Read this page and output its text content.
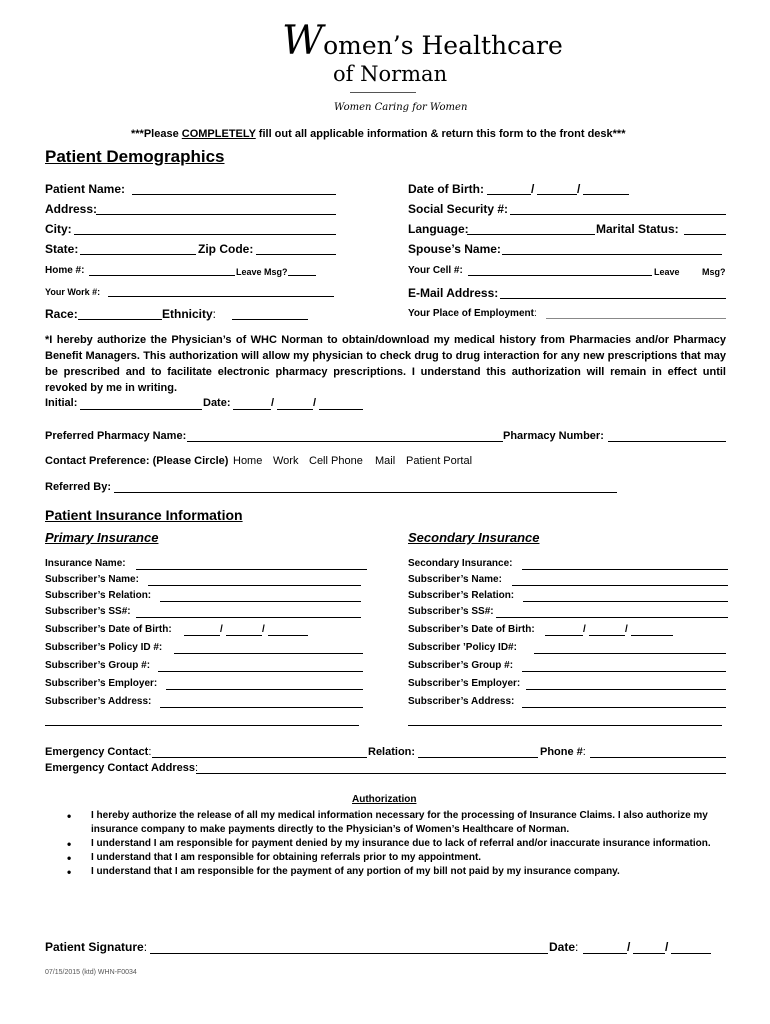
Women’s Healthcare
of Norman
Women Caring for Women
***Please COMPLETELY fill out all applicable information & return this form to the front desk***
Patient Demographics
Patient Name:
Address:
City:
State:	Zip Code:
Home #:	Leave Msg?
Your Work #:
Race:	Ethnicity:
Date of Birth:	/	/
Social Security #:
Language:	Marital Status:
Spouse’s Name:
Your Cell #:	Leave Msg?
E-Mail Address:
Your Place of Employment:
*I hereby authorize the Physician’s of WHC Norman to obtain/download my medical history from Pharmacies and/or Pharmacy Benefit Managers. This authorization will allow my physician to check drug to drug interaction for any new prescriptions that may be prescribed and to facilitate electronic pharmacy prescriptions. I understand this authorization will remain in effect until revoked by me in writing.
Initial:	Date:	/	/
Preferred Pharmacy Name:	Pharmacy Number:
Contact Preference: (Please Circle) Home Work Cell Phone Mail Patient Portal
Referred By:
Patient Insurance Information
Primary Insurance	Secondary Insurance
Insurance Name:
Subscriber’s Name:
Subscriber’s Relation:
Subscriber’s SS#:
Subscriber’s Date of Birth:	/	/
Subscriber’s Policy ID #:
Subscriber’s Group #:
Subscriber’s Employer:
Subscriber’s Address:
Secondary Insurance:
Subscriber’s Name:
Subscriber’s Relation:
Subscriber’s SS#:
Subscriber’s Date of Birth:	/	/
Subscriber ’Policy ID#:
Subscriber’s Group #:
Subscriber’s Employer:
Subscriber’s Address:
Emergency Contact:	Relation:	Phone #:
Emergency Contact Address:
Authorization
• I hereby authorize the release of all my medical information necessary for the processing of Insurance Claims. I also authorize my insurance company to make payments directly to the Physician’s of Women’s Healthcare of Norman.
• I understand I am responsible for payment denied by my insurance due to lack of referral and/or inaccurate insurance information.
• I understand that I am responsible for obtaining referrals prior to my appointment.
• I understand that I am responsible for the payment of any portion of my bill not paid by my insurance company.
Patient Signature:	Date:	/	/
07/15/2015 (ktd) WHN-F0034
